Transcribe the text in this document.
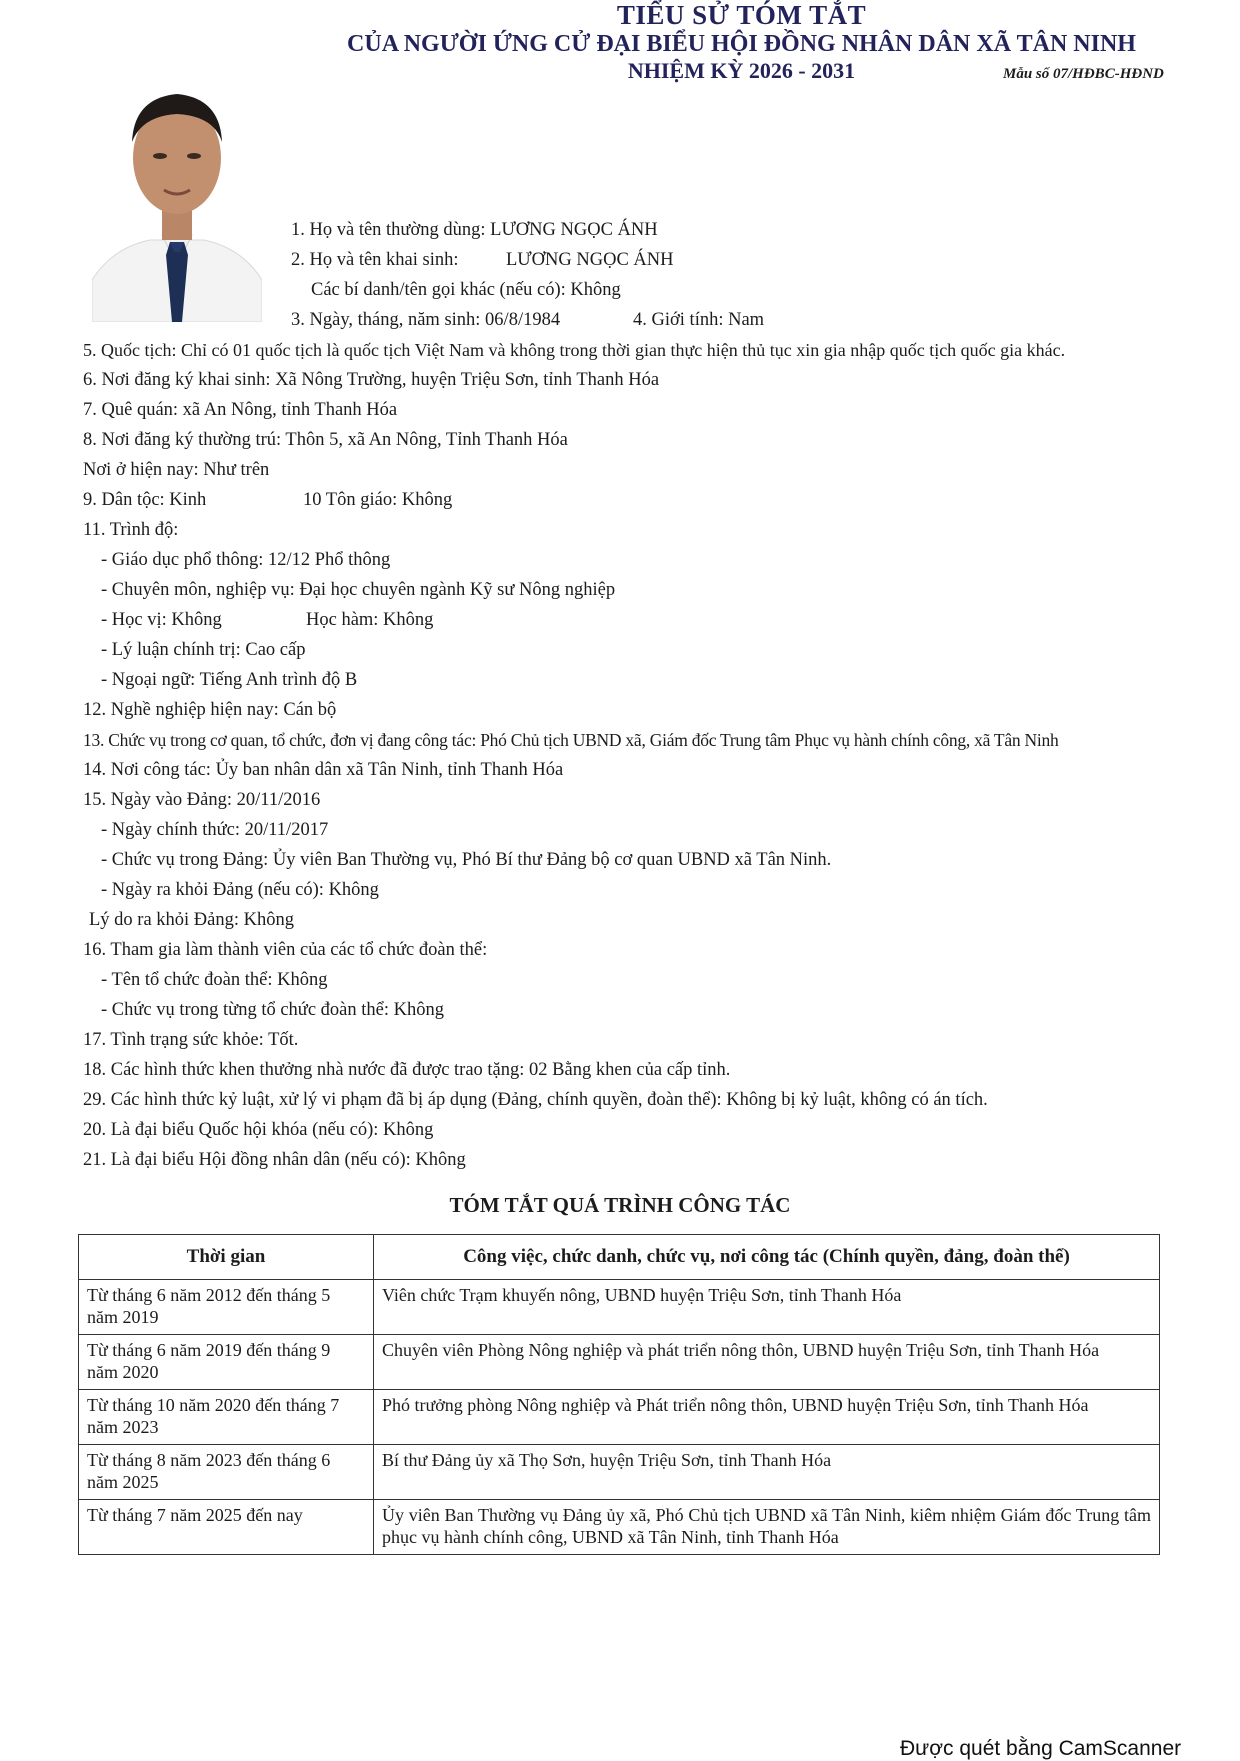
Mẫu số 07/HĐBC-HĐND
TIỂU SỬ TÓM TẮT
CỦA NGƯỜI ỨNG CỬ ĐẠI BIỂU HỘI ĐỒNG NHÂN DÂN XÃ TÂN NINH
NHIỆM KỲ 2026 - 2031
1. Họ và tên thường dùng: LƯƠNG NGỌC ÁNH
2. Họ và tên khai sinh:	LƯƠNG NGỌC ÁNH
Các bí danh/tên gọi khác (nếu có): Không
3. Ngày, tháng, năm sinh: 06/8/1984	4. Giới tính: Nam
5. Quốc tịch: Chỉ có 01 quốc tịch là quốc tịch Việt Nam và không trong thời gian thực hiện thủ tục xin gia nhập quốc tịch quốc gia khác.
6. Nơi đăng ký khai sinh: Xã Nông Trường, huyện Triệu Sơn, tỉnh Thanh Hóa
7. Quê quán: xã An Nông, tỉnh Thanh Hóa
8. Nơi đăng ký thường trú: Thôn 5, xã An Nông, Tỉnh Thanh Hóa
Nơi ở hiện nay: Như trên
9. Dân tộc: Kinh	10 Tôn giáo: Không
11. Trình độ:
- Giáo dục phổ thông: 12/12 Phổ thông
- Chuyên môn, nghiệp vụ: Đại học chuyên ngành Kỹ sư Nông nghiệp
- Học vị: Không	Học hàm: Không
- Lý luận chính trị: Cao cấp
- Ngoại ngữ: Tiếng Anh trình độ B
12. Nghề nghiệp hiện nay: Cán bộ
13. Chức vụ trong cơ quan, tổ chức, đơn vị đang công tác: Phó Chủ tịch UBND xã, Giám đốc Trung tâm Phục vụ hành chính công, xã Tân Ninh
14. Nơi công tác: Ủy ban nhân dân xã Tân Ninh, tỉnh Thanh Hóa
15. Ngày vào Đảng: 20/11/2016
- Ngày chính thức: 20/11/2017
- Chức vụ trong Đảng: Ủy viên Ban Thường vụ, Phó Bí thư Đảng bộ cơ quan UBND xã Tân Ninh.
- Ngày ra khỏi Đảng (nếu có): Không
Lý do ra khỏi Đảng: Không
16. Tham gia làm thành viên của các tổ chức đoàn thể:
- Tên tổ chức đoàn thể: Không
- Chức vụ trong từng tổ chức đoàn thể: Không
17. Tình trạng sức khỏe: Tốt.
18. Các hình thức khen thưởng nhà nước đã được trao tặng: 02 Bằng khen của cấp tỉnh.
29. Các hình thức kỷ luật, xử lý vi phạm đã bị áp dụng (Đảng, chính quyền, đoàn thể): Không bị kỷ luật, không có án tích.
20. Là đại biểu Quốc hội khóa (nếu có): Không
21. Là đại biểu Hội đồng nhân dân (nếu có): Không
TÓM TẮT QUÁ TRÌNH CÔNG TÁC
Thời gian	Công việc, chức danh, chức vụ, nơi công tác (Chính quyền, đảng, đoàn thể)
Từ tháng 6 năm 2012 đến tháng 5 năm 2019	Viên chức Trạm khuyến nông, UBND huyện Triệu Sơn, tỉnh Thanh Hóa
Từ tháng 6 năm 2019 đến tháng 9 năm 2020	Chuyên viên Phòng Nông nghiệp và phát triển nông thôn, UBND huyện Triệu Sơn, tỉnh Thanh Hóa
Từ tháng 10 năm 2020 đến tháng 7 năm 2023	Phó trưởng phòng Nông nghiệp và Phát triển nông thôn, UBND huyện Triệu Sơn, tỉnh Thanh Hóa
Từ tháng 8 năm 2023 đến tháng 6 năm 2025	Bí thư Đảng ủy xã Thọ Sơn, huyện Triệu Sơn, tỉnh Thanh Hóa
Từ tháng 7 năm 2025 đến nay	Ủy viên Ban Thường vụ Đảng ủy xã, Phó Chủ tịch UBND xã Tân Ninh, kiêm nhiệm Giám đốc Trung tâm phục vụ hành chính công, UBND xã Tân Ninh, tỉnh Thanh Hóa
Được quét bằng CamScanner
